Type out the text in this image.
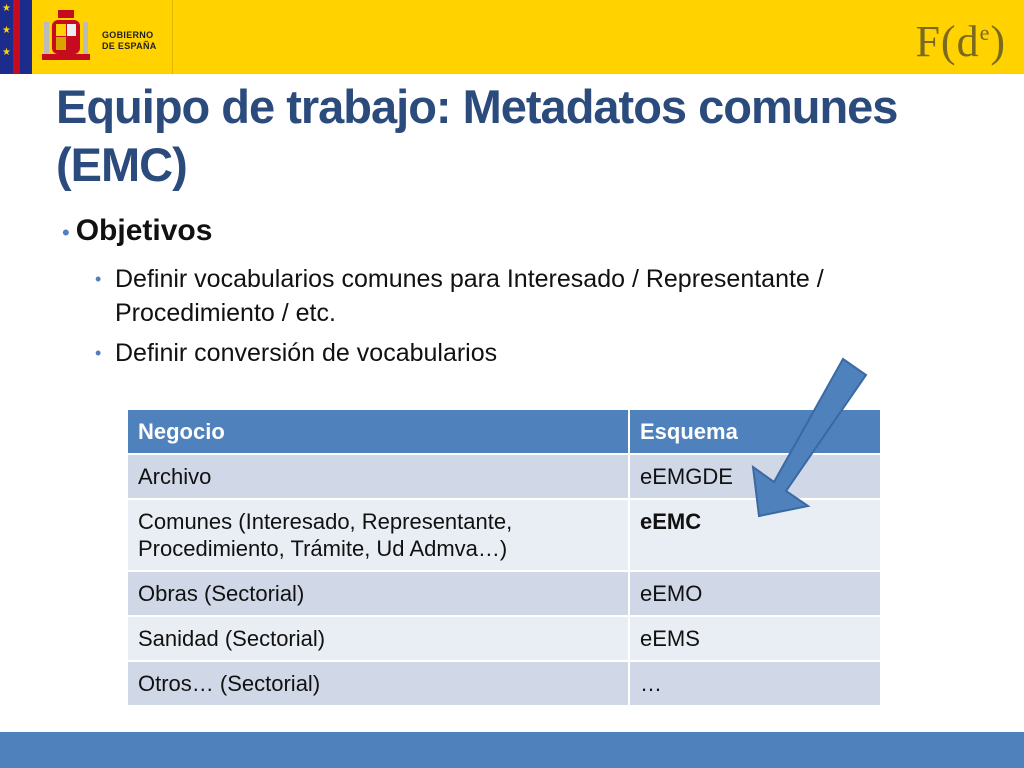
★
★
★
GOBIERNO
DE ESPAÑA	$F(d^e)$
Equipo de trabajo: Metadatos comunes
(EMC)
• Objetivos
• Definir vocabularios comunes para Interesado / Representante /
Procedimiento / etc.
• Definir conversión de vocabularios
Negocio	Esquema

Archivo	eEMGDE

Comunes (Interesado, Representante,
Procedimiento, Trámite, Ud Admva…)	eEMC

Obras (Sectorial)	eEMO

Sanidad (Sectorial)	eEMS

Otros… (Sectorial)	…
